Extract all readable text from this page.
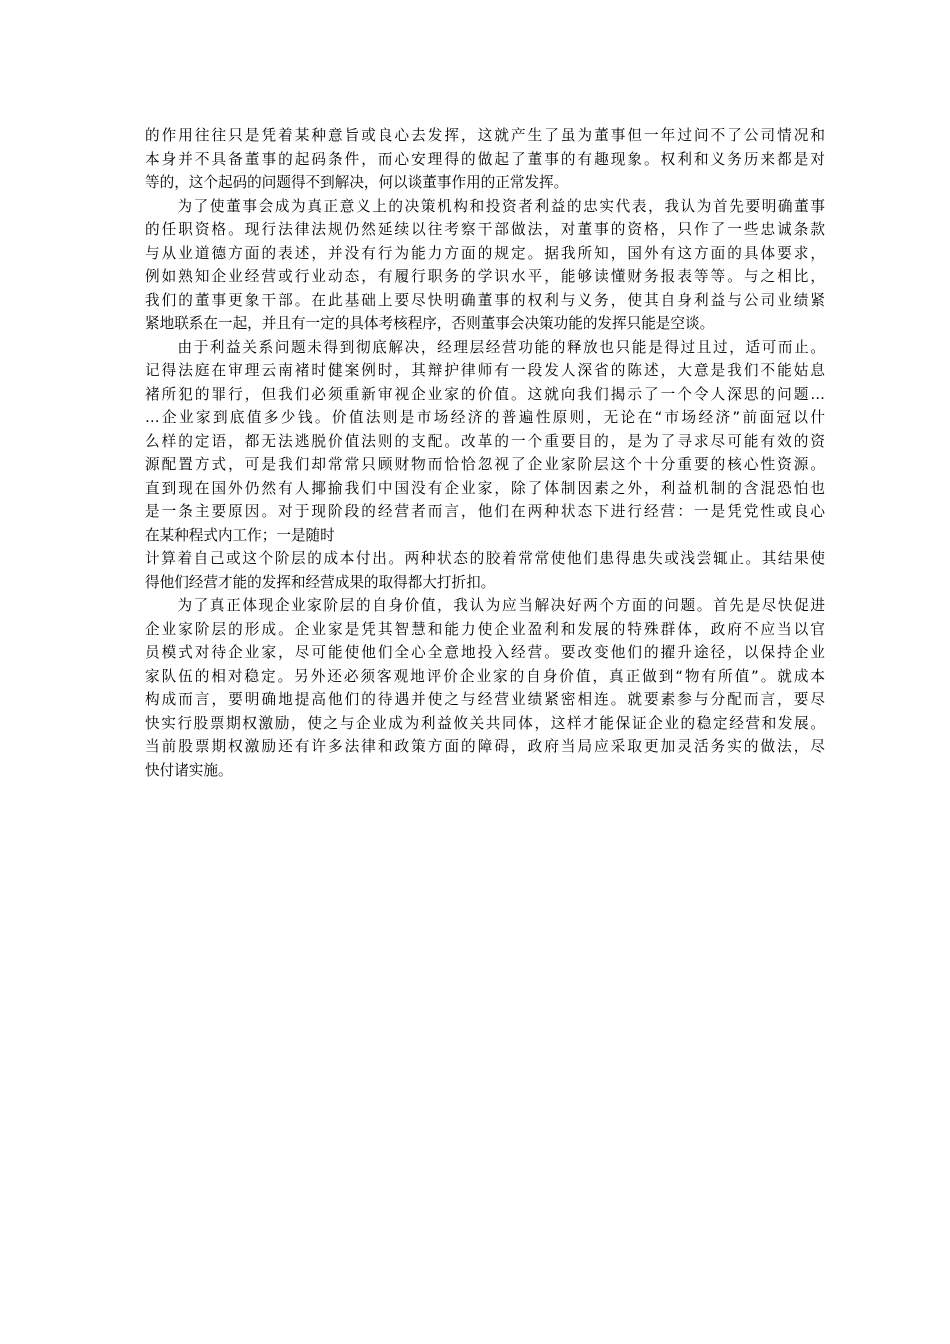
的作用往往只是凭着某种意旨或良心去发挥，这就产生了虽为董事但一年过问不了公司情况和
本身并不具备董事的起码条件，而心安理得的做起了董事的有趣现象。权利和义务历来都是对
等的，这个起码的问题得不到解决，何以谈董事作用的正常发挥。
　　为了使董事会成为真正意义上的决策机构和投资者利益的忠实代表，我认为首先要明确董事
的任职资格。现行法律法规仍然延续以往考察干部做法，对董事的资格，只作了一些忠诚条款
与从业道德方面的表述，并没有行为能力方面的规定。据我所知，国外有这方面的具体要求，
例如熟知企业经营或行业动态，有履行职务的学识水平，能够读懂财务报表等等。与之相比，
我们的董事更象干部。在此基础上要尽快明确董事的权利与义务，使其自身利益与公司业绩紧
紧地联系在一起，并且有一定的具体考核程序，否则董事会决策功能的发挥只能是空谈。
　　由于利益关系问题未得到彻底解决，经理层经营功能的释放也只能是得过且过，适可而止。
记得法庭在审理云南褚时健案例时，其辩护律师有一段发人深省的陈述，大意是我们不能姑息
褚所犯的罪行，但我们必须重新审视企业家的价值。这就向我们揭示了一个令人深思的问题…
…企业家到底值多少钱。价值法则是市场经济的普遍性原则，无论在“市场经济”前面冠以什
么样的定语，都无法逃脱价值法则的支配。改革的一个重要目的，是为了寻求尽可能有效的资
源配置方式，可是我们却常常只顾财物而恰恰忽视了企业家阶层这个十分重要的核心性资源。
直到现在国外仍然有人揶揄我们中国没有企业家，除了体制因素之外，利益机制的含混恐怕也
是一条主要原因。对于现阶段的经营者而言，他们在两种状态下进行经营：一是凭党性或良心
在某种程式内工作；一是随时
计算着自己或这个阶层的成本付出。两种状态的胶着常常使他们患得患失或浅尝辄止。其结果使
得他们经营才能的发挥和经营成果的取得都大打折扣。
　　为了真正体现企业家阶层的自身价值，我认为应当解决好两个方面的问题。首先是尽快促进
企业家阶层的形成。企业家是凭其智慧和能力使企业盈利和发展的特殊群体，政府不应当以官
员模式对待企业家，尽可能使他们全心全意地投入经营。要改变他们的擢升途径，以保持企业
家队伍的相对稳定。另外还必须客观地评价企业家的自身价值，真正做到“物有所值”。就成本
构成而言，要明确地提高他们的待遇并使之与经营业绩紧密相连。就要素参与分配而言，要尽
快实行股票期权激励，使之与企业成为利益攸关共同体，这样才能保证企业的稳定经营和发展。
当前股票期权激励还有许多法律和政策方面的障碍，政府当局应采取更加灵活务实的做法，尽
快付诸实施。
